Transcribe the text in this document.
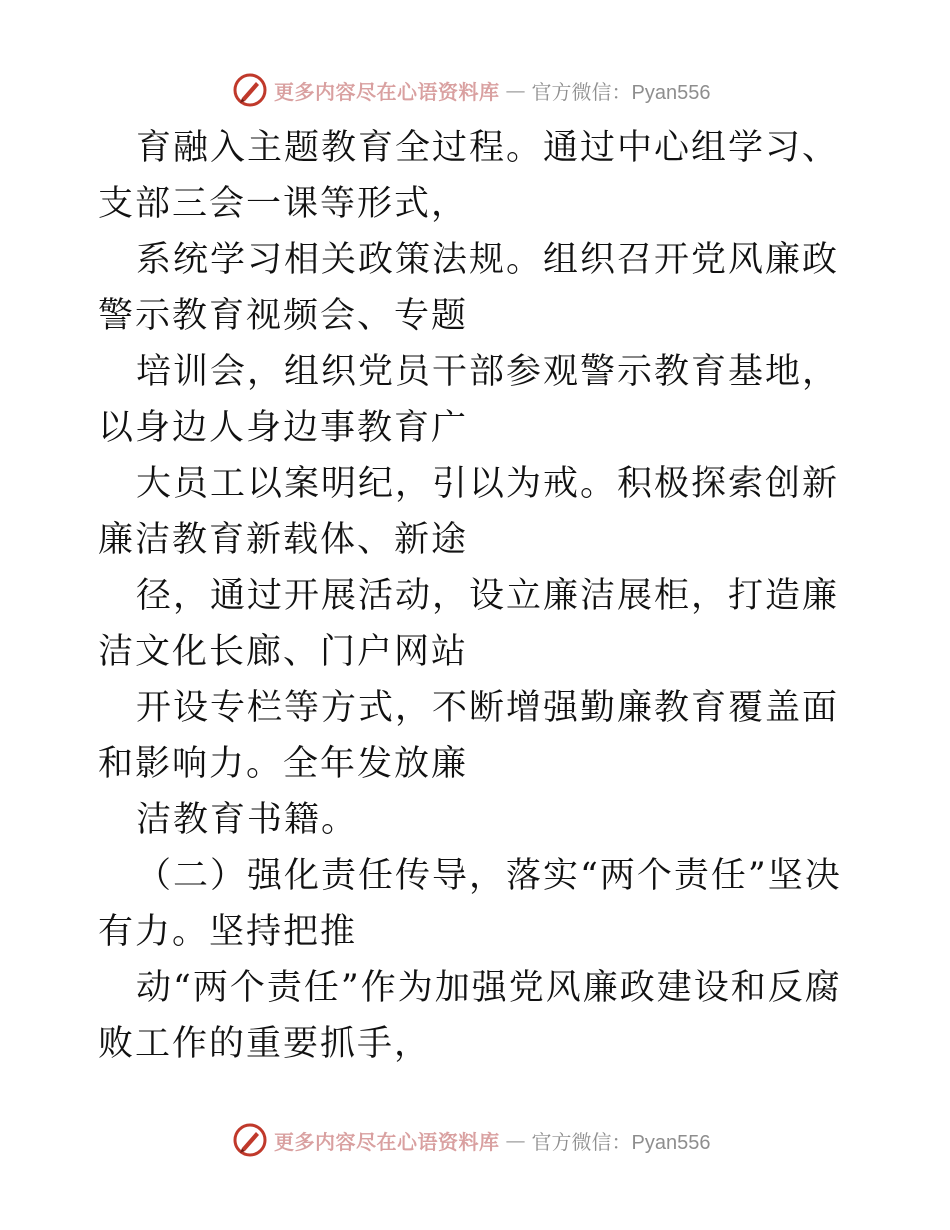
更多内容尽在心语资料库 — 官方微信：Pyan556

育融入主题教育全过程。通过中心组学习、支部三会一课等形式，

系统学习相关政策法规。组织召开党风廉政警示教育视频会、专题

培训会，组织党员干部参观警示教育基地，以身边人身边事教育广

大员工以案明纪，引以为戒。积极探索创新廉洁教育新载体、新途

径，通过开展活动，设立廉洁展柜，打造廉洁文化长廊、门户网站

开设专栏等方式，不断增强勤廉教育覆盖面和影响力。全年发放廉

洁教育书籍。

（二）强化责任传导，落实“两个责任”坚决有力。坚持把推

动“两个责任”作为加强党风廉政建设和反腐败工作的重要抓手，

更多内容尽在心语资料库 — 官方微信：Pyan556
